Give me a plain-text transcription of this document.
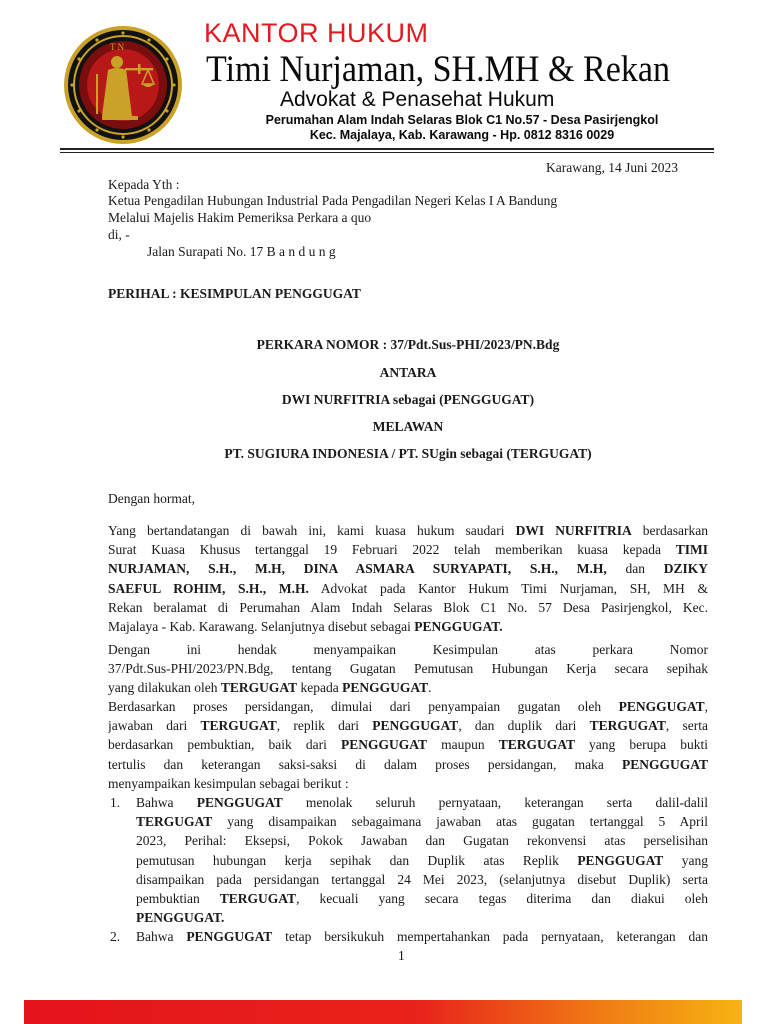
T N	KANTOR HUKUM
Timi Nurjaman, SH.MH & Rekan
Advokat & Penasehat Hukum
Perumahan Alam Indah Selaras Blok C1 No.57 - Desa Pasirjengkol
Kec. Majalaya, Kab. Karawang - Hp. 0812 8316 0029
Karawang, 14 Juni 2023
Kepada Yth :
Ketua Pengadilan Hubungan Industrial Pada Pengadilan Negeri Kelas I A Bandung
Melalui Majelis Hakim Pemeriksa Perkara a quo
di, -
Jalan Surapati No. 17 B a n d u n g
PERIHAL : KESIMPULAN PENGGUGAT
PERKARA NOMOR : 37/Pdt.Sus-PHI/2023/PN.Bdg
ANTARA
DWI NURFITRIA sebagai (PENGGUGAT)
MELAWAN
PT. SUGIURA INDONESIA / PT. SUgin sebagai (TERGUGAT)
Dengan hormat,
Yang bertandatangan di bawah ini, kami kuasa hukum saudari DWI NURFITRIA berdasarkan
Surat Kuasa Khusus tertanggal 19 Februari 2022 telah memberikan kuasa kepada TIMI
NURJAMAN, S.H., M.H, DINA ASMARA SURYAPATI, S.H., M.H, dan DZIKY
SAEFUL ROHIM, S.H., M.H. Advokat pada Kantor Hukum Timi Nurjaman, SH, MH &
Rekan beralamat di Perumahan Alam Indah Selaras Blok C1 No. 57 Desa Pasirjengkol, Kec.
Majalaya - Kab. Karawang. Selanjutnya disebut sebagai PENGGUGAT.
Dengan ini hendak menyampaikan Kesimpulan atas perkara Nomor
37/Pdt.Sus-PHI/2023/PN.Bdg, tentang Gugatan Pemutusan Hubungan Kerja secara sepihak
yang dilakukan oleh TERGUGAT kepada PENGGUGAT.
Berdasarkan proses persidangan, dimulai dari penyampaian gugatan oleh PENGGUGAT,
jawaban dari TERGUGAT, replik dari PENGGUGAT, dan duplik dari TERGUGAT, serta
berdasarkan pembuktian, baik dari PENGGUGAT maupun TERGUGAT yang berupa bukti
tertulis dan keterangan saksi-saksi di dalam proses persidangan, maka PENGGUGAT
menyampaikan kesimpulan sebagai berikut :
1. Bahwa PENGGUGAT menolak seluruh pernyataan, keterangan serta dalil-dalil
TERGUGAT yang disampaikan sebagaimana jawaban atas gugatan tertanggal 5 April
2023, Perihal: Eksepsi, Pokok Jawaban dan Gugatan rekonvensi atas perselisihan
pemutusan hubungan kerja sepihak dan Duplik atas Replik PENGGUGAT yang
disampaikan pada persidangan tertanggal 24 Mei 2023, (selanjutnya disebut Duplik) serta
pembuktian TERGUGAT, kecuali yang secara tegas diterima dan diakui oleh
PENGGUGAT.
2. Bahwa PENGGUGAT tetap bersikukuh mempertahankan pada pernyataan, keterangan dan
1
